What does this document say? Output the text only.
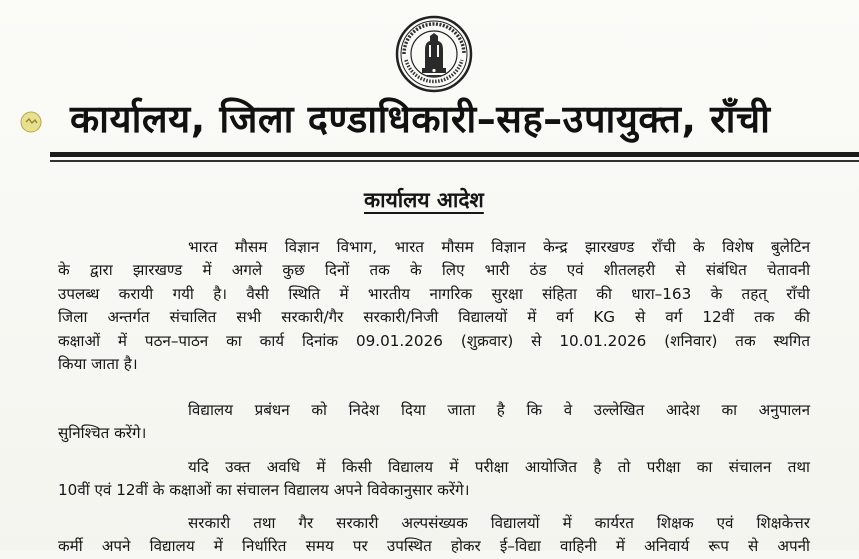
कार्यालय, जिला दण्डाधिकारी–सह–उपायुक्त, राँची
कार्यालय आदेश

भारत मौसम विज्ञान विभाग, भारत मौसम विज्ञान केन्द्र झारखण्ड राँची के विशेष बुलेटिन
के द्वारा झारखण्ड में अगले कुछ दिनों तक के लिए भारी ठंड एवं शीतलहरी से संबंधित चेतावनी
उपलब्ध करायी गयी है। वैसी स्थिति में भारतीय नागरिक सुरक्षा संहिता की धारा–163 के तहत् राँची
जिला अन्तर्गत संचालित सभी सरकारी/गैर सरकारी/निजी विद्यालयों में वर्ग KG से वर्ग 12वीं तक की
कक्षाओं में पठन–पाठन का कार्य दिनांक 09.01.2026 (शुक्रवार) से 10.01.2026 (शनिवार) तक स्थगित
किया जाता है।

विद्यालय प्रबंधन को निदेश दिया जाता है कि वे उल्लेखित आदेश का अनुपालन
सुनिश्चित करेंगे।

यदि उक्त अवधि में किसी विद्यालय में परीक्षा आयोजित है तो परीक्षा का संचालन तथा
10वीं एवं 12वीं के कक्षाओं का संचालन विद्यालय अपने विवेकानुसार करेंगे।

सरकारी तथा गैर सरकारी अल्पसंख्यक विद्यालयों में कार्यरत शिक्षक एवं शिक्षकेत्तर
कर्मी अपने विद्यालय में निर्धारित समय पर उपस्थित होकर ई–विद्या वाहिनी में अनिवार्य रूप से अपनी
